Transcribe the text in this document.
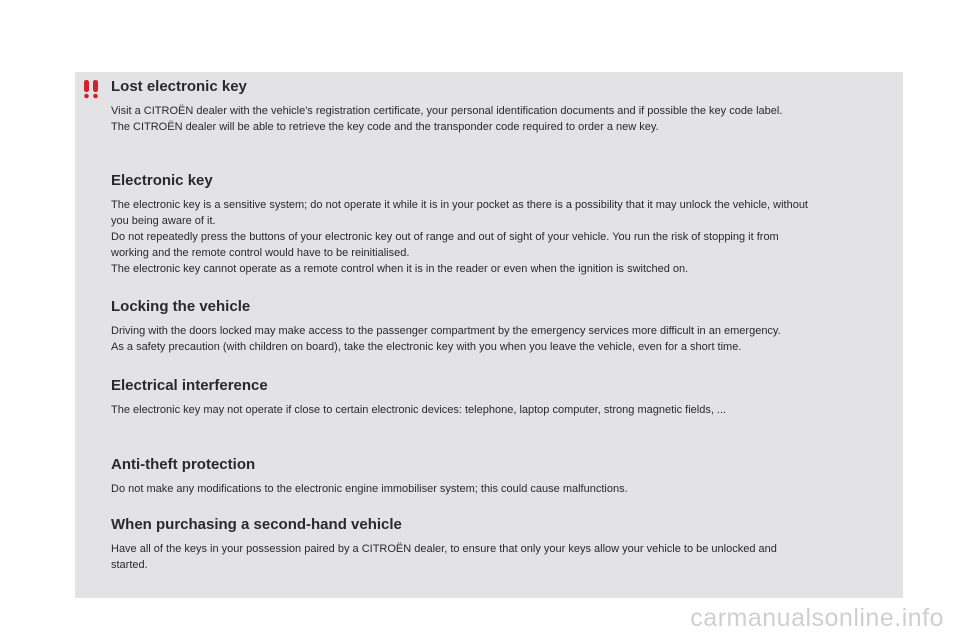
Lost electronic key

Visit a CITROËN dealer with the vehicle's registration certificate, your personal identification documents and if possible the key code label.

The CITROËN dealer will be able to retrieve the key code and the transponder code required to order a new key.

Electronic key

The electronic key is a sensitive system; do not operate it while it is in your pocket as there is a possibility that it may unlock the vehicle, without

you being aware of it.

Do not repeatedly press the buttons of your electronic key out of range and out of sight of your vehicle. You run the risk of stopping it from

working and the remote control would have to be reinitialised.

The electronic key cannot operate as a remote control when it is in the reader or even when the ignition is switched on.

Locking the vehicle

Driving with the doors locked may make access to the passenger compartment by the emergency services more difficult in an emergency.

As a safety precaution (with children on board), take the electronic key with you when you leave the vehicle, even for a short time.

Electrical interference

The electronic key may not operate if close to certain electronic devices: telephone, laptop computer, strong magnetic fields, ...

Anti-theft protection

Do not make any modifications to the electronic engine immobiliser system; this could cause malfunctions.

When purchasing a second-hand vehicle

Have all of the keys in your possession paired by a CITROËN dealer, to ensure that only your keys allow your vehicle to be unlocked and

started.

carmanualsonline.info
